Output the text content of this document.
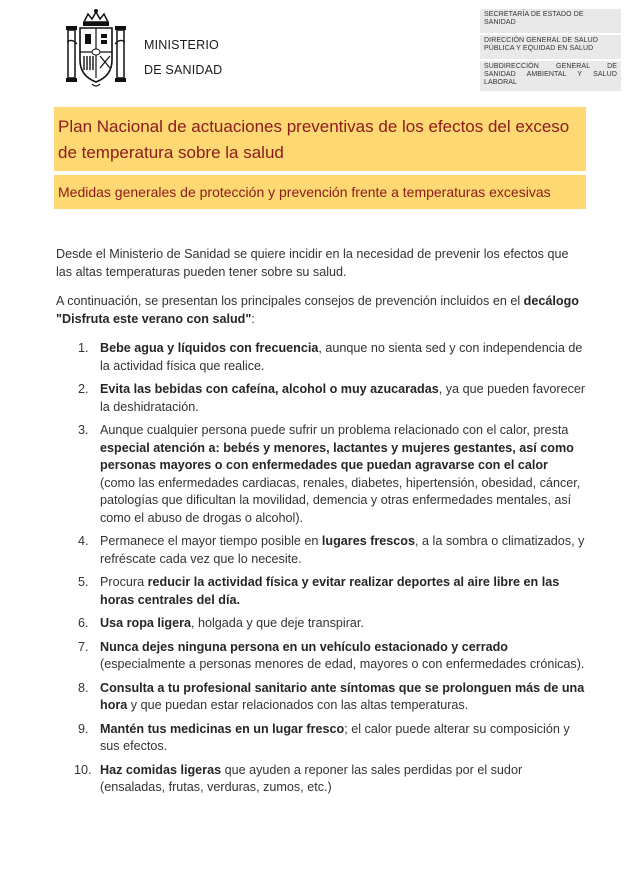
MINISTERIO
DE SANIDAD
SECRETARÍA DE ESTADO DE SANIDAD
DIRECCIÓN GENERAL DE SALUD PÚBLICA Y EQUIDAD EN SALUD
SUBDIRECCIÓN GENERAL DE SANIDAD AMBIENTAL Y SALUD LABORAL
Plan Nacional de actuaciones preventivas de los efectos del exceso de temperatura sobre la salud
Medidas generales de protección y prevención frente a temperaturas excesivas

Desde el Ministerio de Sanidad se quiere incidir en la necesidad de prevenir los efectos que las altas temperaturas pueden tener sobre su salud.

A continuación, se presentan los principales consejos de prevención incluidos en el decálogo "Disfruta este verano con salud":

1. Bebe agua y líquidos con frecuencia, aunque no sienta sed y con independencia de la actividad física que realice.
2. Evita las bebidas con cafeína, alcohol o muy azucaradas, ya que pueden favorecer la deshidratación.
3. Aunque cualquier persona puede sufrir un problema relacionado con el calor, presta especial atención a: bebés y menores, lactantes y mujeres gestantes, así como personas mayores o con enfermedades que puedan agravarse con el calor (como las enfermedades cardiacas, renales, diabetes, hipertensión, obesidad, cáncer, patologías que dificultan la movilidad, demencia y otras enfermedades mentales, así como el abuso de drogas o alcohol).
4. Permanece el mayor tiempo posible en lugares frescos, a la sombra o climatizados, y refréscate cada vez que lo necesite.
5. Procura reducir la actividad física y evitar realizar deportes al aire libre en las horas centrales del día.
6. Usa ropa ligera, holgada y que deje transpirar.
7. Nunca dejes ninguna persona en un vehículo estacionado y cerrado (especialmente a personas menores de edad, mayores o con enfermedades crónicas).
8. Consulta a tu profesional sanitario ante síntomas que se prolonguen más de una hora y que puedan estar relacionados con las altas temperaturas.
9. Mantén tus medicinas en un lugar fresco; el calor puede alterar su composición y sus efectos.
10. Haz comidas ligeras que ayuden a reponer las sales perdidas por el sudor (ensaladas, frutas, verduras, zumos, etc.)
